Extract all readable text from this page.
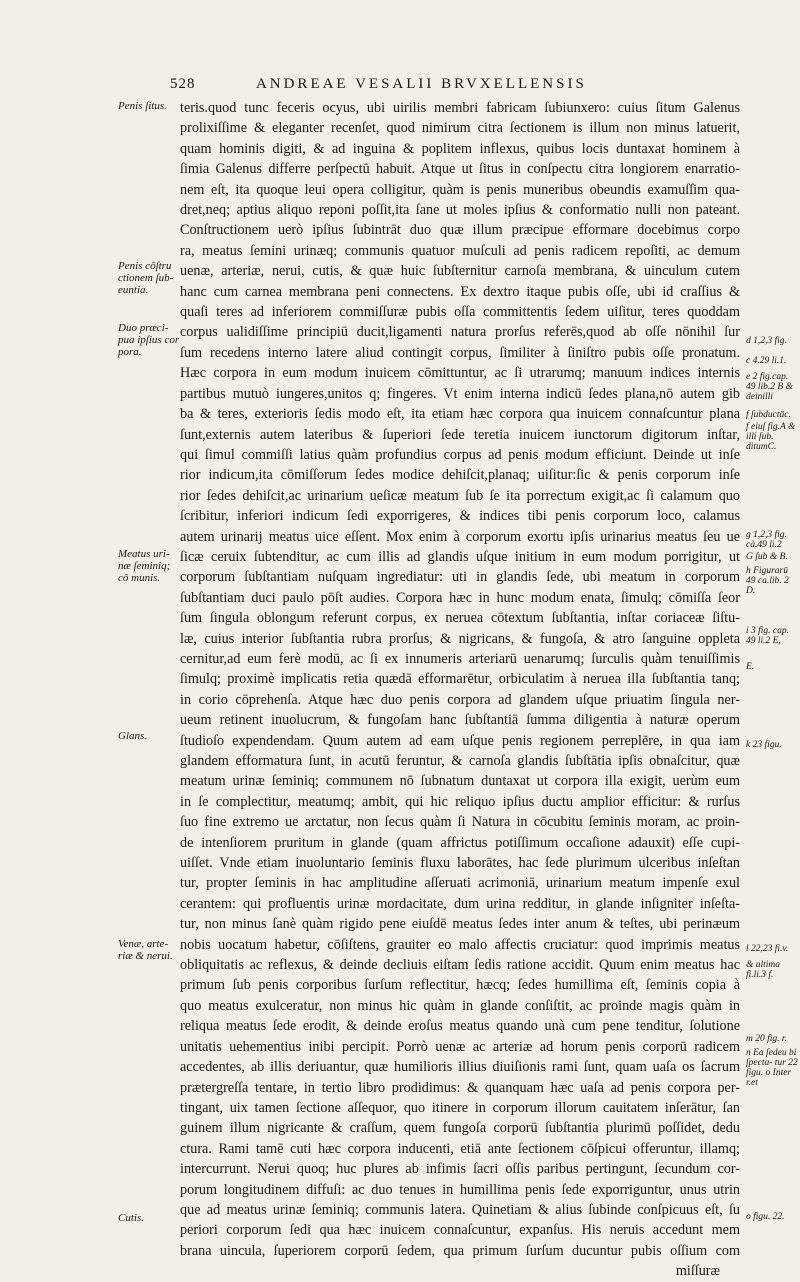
528	ANDREAE VESALII BRVXELLENSIS
teris.quod tunc feceris ocyus, ubi uirilis membri fabricam ſubiunxero: cuius ſitum Galenus
prolixiſſime & eleganter recenſet, quod nimirum citra ſectionem is illum non minus latuerit,
quam hominis digiti, & ad inguina & poplitem inflexus, quibus locis duntaxat hominem à
ſimia Galenus differre perſpectū habuit. Atque ut ſitus in conſpectu citra longiorem enarratio-
nem eſt, ita quoque leui opera colligitur, quàm is penis muneribus obeundis examuſſim qua-
dret,neq; aptius aliquo reponi poſſit,ita ſane ut moles ipſius & conformatio nulli non pateant.
Conſtructionem uerò ipſius ſubintrāt duo quæ illum præcipue efformare docebimus corpo
ra, meatus ſemini urinæq; communis quatuor muſculi ad penis radicem repoſiti, ac demum
uenæ, arteriæ, nerui, cutis, & quæ huic ſubſternitur carnoſa membrana, & uinculum cutem
hanc cum carnea membrana peni connectens. Ex dextro itaque pubis oſſe, ubi id craſſius &
quaſi teres ad inferiorem commiſſuræ pubis oſſa committentis ſedem uiſitur, teres quoddam
corpus ualidiſſime principiū ducit,ligamenti natura prorſus referēs,quod ab oſſe nōnihil ſur
ſum recedens interno latere aliud contingit corpus, ſimiliter à ſiniſtro pubis oſſe pronatum.
Hæc corpora in eum modum inuicem cōmittuntur, ac ſi utrarumq; manuum indices internis
partibus mutuò iungeres,unitos q; fingeres. Vt enim interna indicū ſedes plana,nō autem gib
ba & teres, exterioris ſedis modo eſt, ita etiam hæc corpora qua inuicem connaſcuntur plana
ſunt,externis autem lateribus & ſuperiori ſede teretia inuicem iunctorum digitorum inſtar,
qui ſimul commiſſi latius quàm profundius corpus ad penis modum efficiunt. Deinde ut inſe
rior indicum,ita cōmiſſorum ſedes modice dehiſcit,planaq; uiſitur:ſic & penis corporum inſe
rior ſedes dehiſcit,ac urinarium ueſicæ meatum ſub ſe ita porrectum exigit,ac ſi calamum quo
ſcribitur, inferiori indicum ſedi exporrigeres, & indices tibi penis corporum loco, calamus
autem urinarij meatus uice eſſent. Mox enim à corporum exortu ipſis urinarius meatus ſeu ue
ſicæ ceruix ſubtenditur, ac cum illis ad glandis uſque initium in eum modum porrigitur, ut
corporum ſubſtantiam nuſquam ingrediatur: uti in glandis ſede, ubi meatum in corporum
ſubſtantiam duci paulo pōſt audies. Corpora hæc in hunc modum enata, ſimulq; cōmiſſa ſeor
ſum ſingula oblongum referunt corpus, ex neruea cōtextum ſubſtantia, inſtar coriaceæ ſiſtu-
læ, cuius interior ſubſtantia rubra prorſus, & nigricans, & fungoſa, & atro ſanguine oppleta
cernitur,ad eum ferè modū, ac ſi ex innumeris arteriarū uenarumq; ſurculis quàm tenuiſſimis
ſimulq; proximè implicatis retia quædā efformarētur, orbiculatim à neruea illa ſubſtantia tanq;
in corio cōprehenſa. Atque hæc duo penis corpora ad glandem uſque priuatim ſingula ner-
ueum retinent inuolucrum, & fungoſam hanc ſubſtantiā ſumma diligentia à naturæ operum
ſtudioſo expendendam. Quum autem ad eam uſque penis regionem perreplēre, in qua iam
glandem efformatura ſunt, in acutū feruntur, & carnoſa glandis ſubſtātia ipſis obnaſcitur, quæ
meatum urinæ ſeminiq; communem nō ſubnatum duntaxat ut corpora illa exigit, uerùm eum
in ſe complectitur, meatumq; ambit, qui hic reliquo ipſius ductu amplior efficitur: & rurſus
ſuo fine extremo ue arctatur, non ſecus quàm ſi Natura in cōcubitu ſeminis moram, ac proin-
de intenſiorem pruritum in glande (quam affrictus potiſſimum occaſione adauxit) eſſe cupi-
uiſſet. Vnde etiam inuoluntario ſeminis fluxu laborātes, hac ſede plurimum ulceribus inſeſtan
tur, propter ſeminis in hac amplitudine aſſeruati acrimoniā, urinarium meatum impenſe exul
cerantem: qui profluentis urinæ mordacitate, dum urina redditur, in glande inſigniter inſeſta-
tur, non minus ſanè quàm rigido pene eiuſdē meatus ſedes inter anum & teſtes, ubi perinæum
nobis uocatum habetur, cōſiſtens, grauiter eo malo affectis cruciatur: quod imprimis meatus
obliquitatis ac reflexus, & deinde decliuis eiſtam ſedis ratione accidit. Quum enim meatus hac
primum ſub penis corporibus ſurſum reflectitur, hæcq; ſedes humillima eſt, ſeminis copia à
quo meatus exulceratur, non minus hic quàm in glande conſiſtit, ac proinde magis quàm in
reliqua meatus ſede erodit, & deinde eroſus meatus quando unà cum pene tenditur, ſolutione
unitatis uehementius inibi percipit. Porrò uenæ ac arteriæ ad horum penis corporū radicem
accedentes, ab illis deriuantur, quæ humilioris illius diuiſionis rami ſunt, quam uaſa os ſacrum
prætergreſſa tentare, in tertio libro prodidimus: & quanquam hæc uaſa ad penis corpora per-
tingant, uix tamen ſectione aſſequor, quo itinere in corporum illorum cauitatem inſerātur, ſan
guinem illum nigricante & craſſum, quem fungoſa corporū ſubſtantia plurimū poſſidet, dedu
ctura. Rami tamē cuti hæc corpora inducenti, etiā ante ſectionem cōſpicui offeruntur, illamq;
intercurrunt. Nerui quoq; huc plures ab infimis ſacri oſſis paribus pertingunt, ſecundum cor-
porum longitudinem diffuſi: ac duo tenues in humillima penis ſede exporriguntur, unus utrin
que ad meatus urinæ ſeminiq; communis latera. Quinetiam & alius ſubinde conſpicuus eſt, ſu
periori corporum ſedi qua hæc inuicem connaſcuntur, expanſus. His neruis accedunt mem
brana uincula, ſuperiorem corporū ſedem, qua primum ſurſum ducuntur pubis oſſium com
miſſuræ
Penis ſitus.
Penis cōſtru ctionem ſub- euntia.
Duo præci- pua ipſius cor pora.
Meatus uri- næ ſeminiq; cō munis.
Glans.
Venæ, arte- riæ & nerui.
Cutis.
d 1,2,3 fig.
c 4.29 li.1.
e 2 fig.cap. 49 lib.2 B & deinilli
f ſubductāc.
f eiuſ fig.A & illi ſub. ditumC.
g 1,2,3 fig. cà.49 li.2
G ſub & B.
h Figurarū 49 ca.lib. 2 D.
i 3 fig. cap. 49 li.2 E,
E.
k 23 figu.
l 22,23 fi.v.
& ultima fi.li.3 f.
m 20 fig. r.
n Ea ſedeu bi ſpecta- tur 22 figu. o Inter r.et
o figu. 22.
